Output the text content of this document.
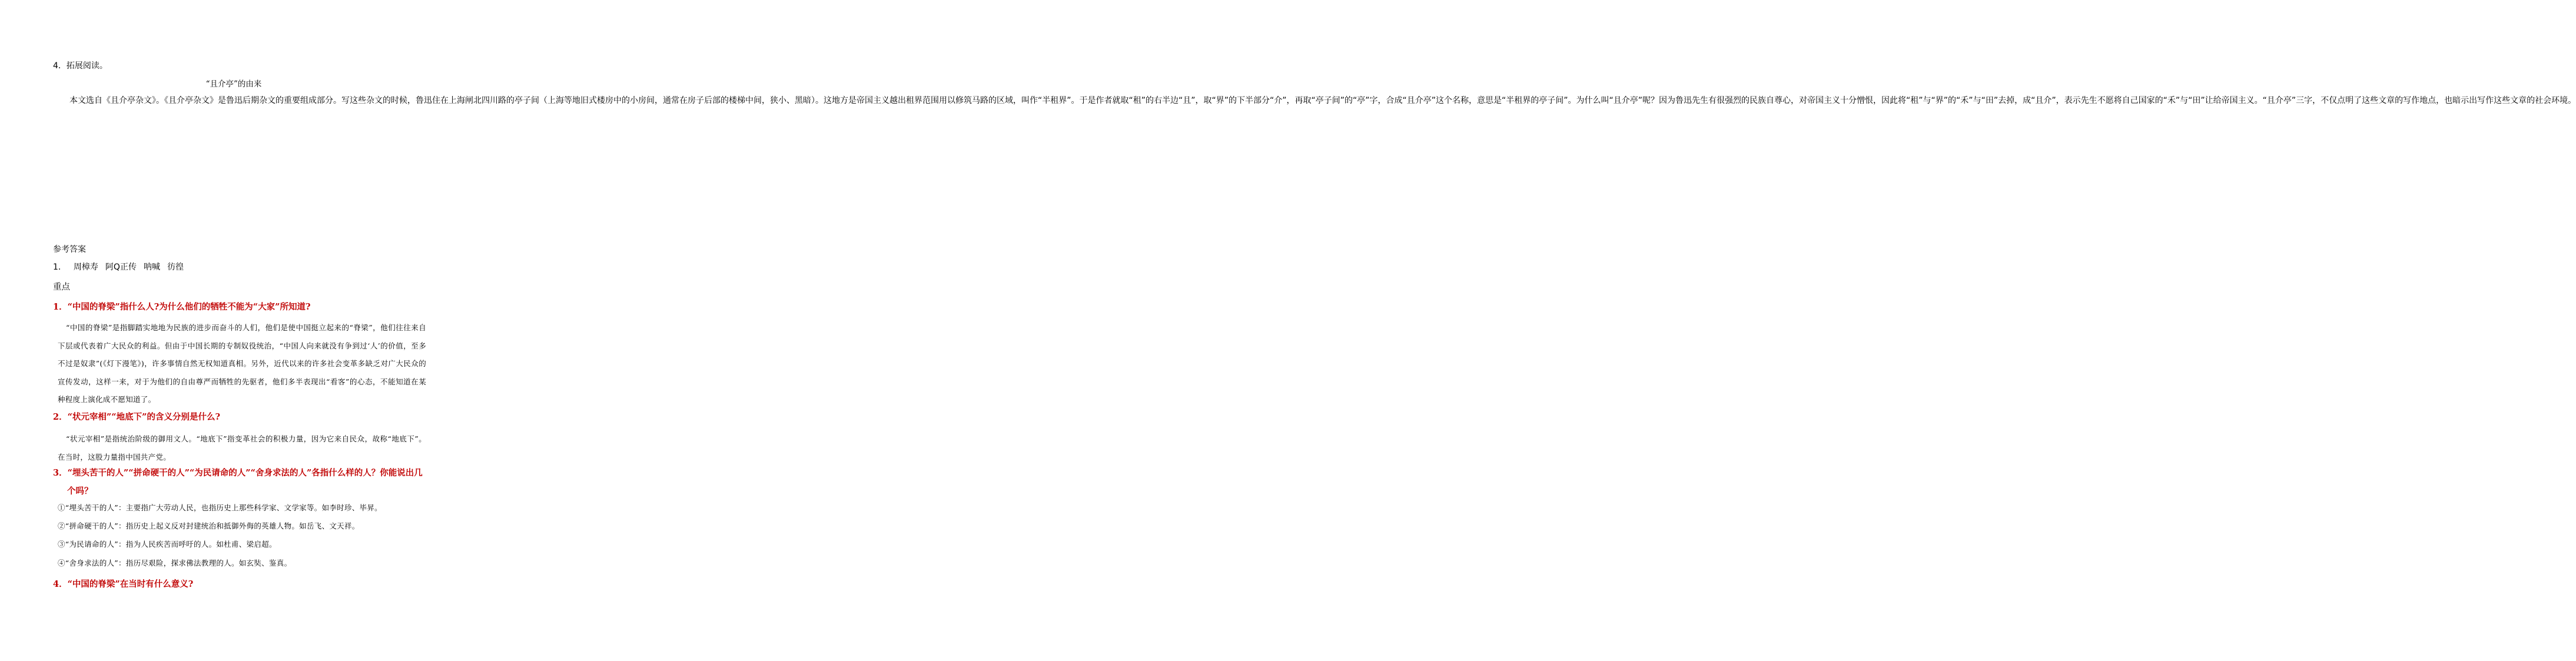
4．拓展阅读。

“且介亭”的由来

本文选自《且介亭杂文》。《且介亭杂文》是鲁迅后期杂文的重要组成部分。写这些杂文的时候，鲁迅住在上海闸北四川路的亭子间（上海等地旧式楼房中的小房间，通常在房子后部的楼梯中间，狭小、黑暗）。这地方是帝国主义越出租界范围用以修筑马路的区域，叫作“半租界”。于是作者就取“租”的右半边“且”，取“界”的下半部分“介”，再取“亭子间”的“亭”字，合成“且介亭”这个名称，意思是“半租界的亭子间”。为什么叫“且介亭”呢？因为鲁迅先生有很强烈的民族自尊心，对帝国主义十分憎恨，因此将“租”与“界”的“禾”与“田”去掉，成“且介”，表示先生不愿将自己国家的“禾”与“田”让给帝国主义。“且介亭”三字，不仅点明了这些文章的写作地点，也暗示出写作这些文章的社会环境。

参考答案

1． 周樟寿 阿Q正传 呐喊 彷徨

重点

1．“中国的脊梁”指什么人?为什么他们的牺牲不能为“大家”所知道?

“中国的脊梁”是指脚踏实地地为民族的进步而奋斗的人们，他们是使中国挺立起来的“脊梁”，他们往往来自下层或代表着广大民众的利益。但由于中国长期的专制奴役统治，“中国人向来就没有争到过‘人’的价值，至多不过是奴隶”(《灯下漫笔》)，许多事情自然无权知道真相。另外，近代以来的许多社会变革多缺乏对广大民众的宣传发动，这样一来，对于为他们的自由尊严而牺牲的先驱者，他们多半表现出“看客”的心态，不能知道在某种程度上演化成不愿知道了。

2．“状元宰相”“地底下”的含义分别是什么?

“状元宰相”是指统治阶级的御用文人。“地底下”指变革社会的积极力量，因为它来自民众，故称“地底下”。在当时，这股力量指中国共产党。

3．“埋头苦干的人”“拼命硬干的人”“为民请命的人”“舍身求法的人”各指什么样的人？你能说出几

个吗？

①“埋头苦干的人”：主要指广大劳动人民，也指历史上那些科学家、文学家等。如李时珍、毕昇。

②“拼命硬干的人”：指历史上起义反对封建统治和抵御外侮的英雄人物。如岳飞、文天祥。

③“为民请命的人”：指为人民疾苦而呼吁的人。如杜甫、梁启超。

④“舍身求法的人”：指历尽艰险，探求佛法教理的人。如玄奘、鉴真。

4．“中国的脊梁”在当时有什么意义?
